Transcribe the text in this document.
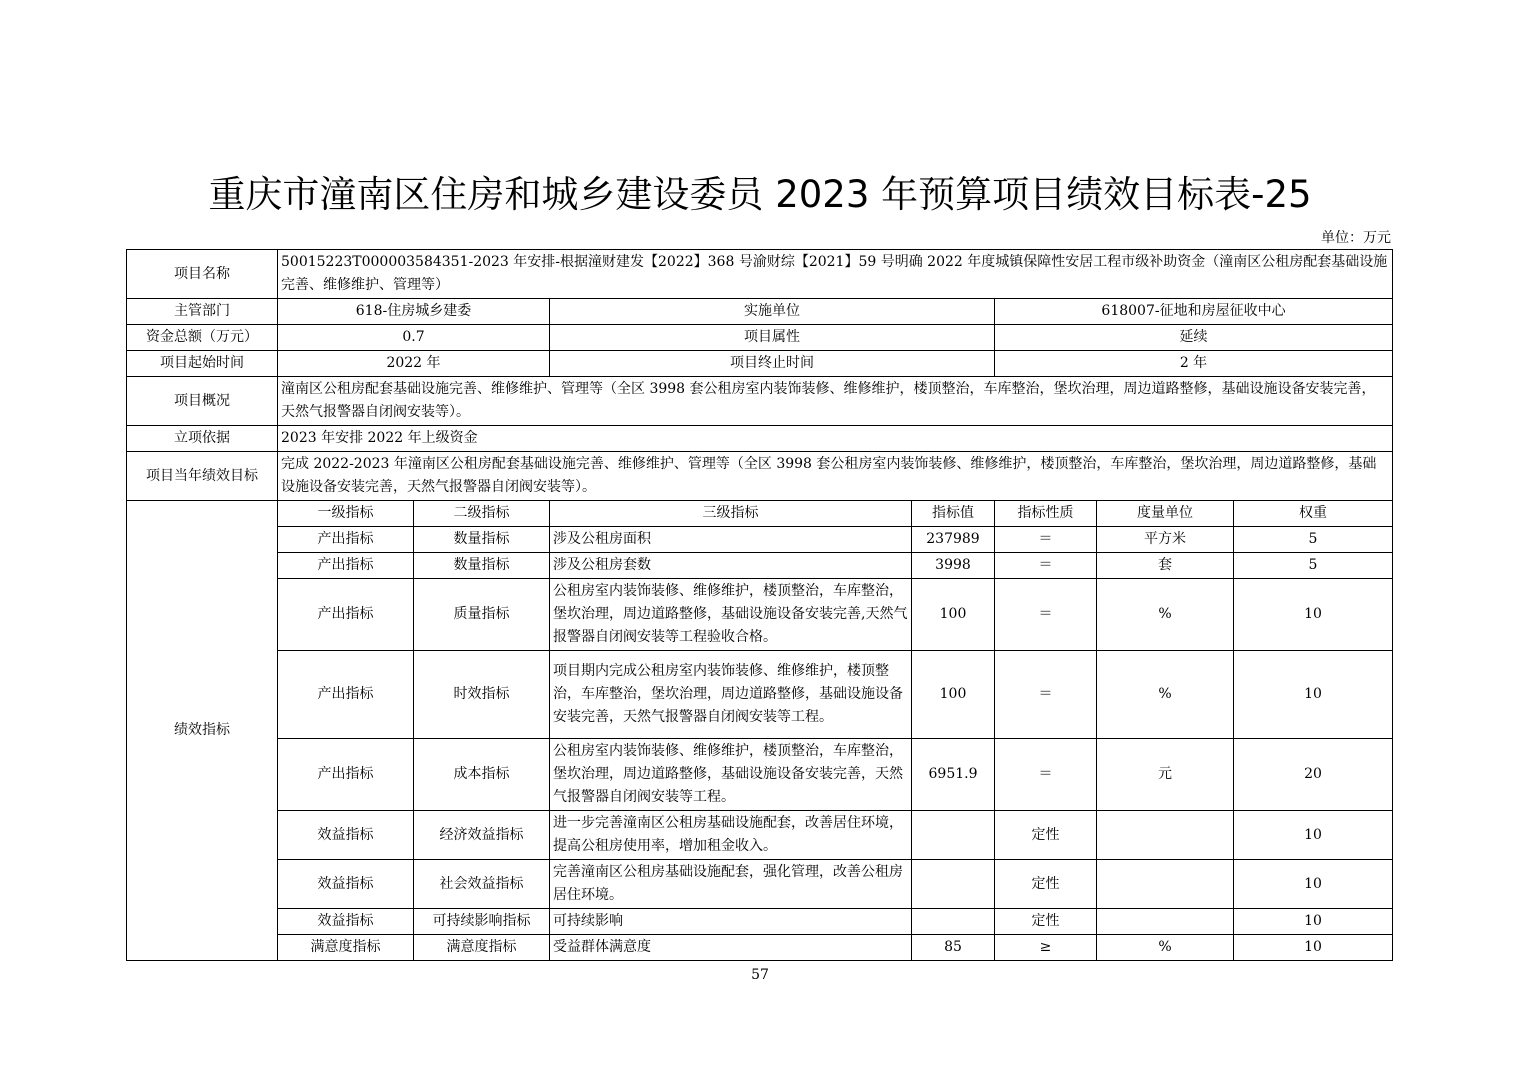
重庆市潼南区住房和城乡建设委员 2023 年预算项目绩效目标表-25
单位：万元
项目名称	50015223T000003584351-2023 年安排-根据潼财建发【2022】368 号渝财综【2021】59 号明确 2022 年度城镇保障性安居工程市级补助资金（潼南区公租房配套基础设施完善、维修维护、管理等）						
主管部门	618-住房城乡建委		实施单位		618007-征地和房屋征收中心		
资金总额（万元）	0.7		项目属性		延续		
项目起始时间	2022 年		项目终止时间		2 年		
项目概况	潼南区公租房配套基础设施完善、维修维护、管理等（全区 3998 套公租房室内装饰装修、维修维护，楼顶整治，车库整治，堡坎治理，周边道路整修，基础设施设备安装完善，天然气报警器自闭阀安装等）。						
立项依据	2023 年安排 2022 年上级资金						
项目当年绩效目标	完成 2022-2023 年潼南区公租房配套基础设施完善、维修维护、管理等（全区 3998 套公租房室内装饰装修、维修维护，楼顶整治，车库整治，堡坎治理，周边道路整修，基础设施设备安装完善，天然气报警器自闭阀安装等）。						
绩效指标	一级指标	二级指标	三级指标	指标值	指标性质	度量单位	权重
	产出指标	数量指标	涉及公租房面积	237989	＝	平方米	5
	产出指标	数量指标	涉及公租房套数	3998	＝	套	5
	产出指标	质量指标	公租房室内装饰装修、维修维护，楼顶整治，车库整治，堡坎治理，周边道路整修，基础设施设备安装完善,天然气报警器自闭阀安装等工程验收合格。	100	＝	%	10
	产出指标	时效指标	项目期内完成公租房室内装饰装修、维修维护，楼顶整治，车库整治，堡坎治理，周边道路整修，基础设施设备安装完善，天然气报警器自闭阀安装等工程。	100	＝	%	10
	产出指标	成本指标	公租房室内装饰装修、维修维护，楼顶整治，车库整治，堡坎治理，周边道路整修，基础设施设备安装完善，天然气报警器自闭阀安装等工程。	6951.9	＝	元	20
	效益指标	经济效益指标	进一步完善潼南区公租房基础设施配套，改善居住环境，提高公租房使用率，增加租金收入。		定性		10
	效益指标	社会效益指标	完善潼南区公租房基础设施配套，强化管理，改善公租房居住环境。		定性		10
	效益指标	可持续影响指标	可持续影响		定性		10
	满意度指标	满意度指标	受益群体满意度	85	≥	%	10
57
